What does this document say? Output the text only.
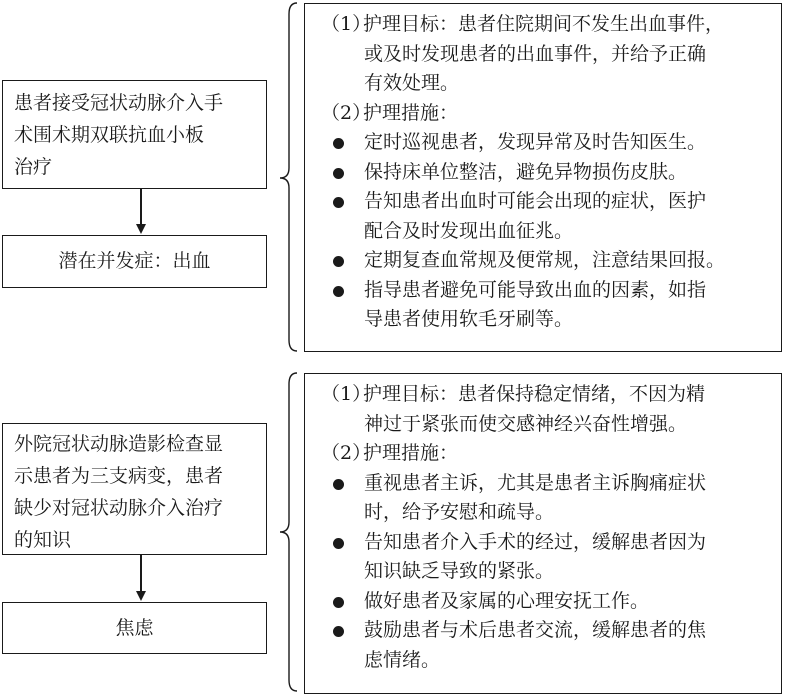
患者接受冠状动脉介入手
术围术期双联抗血小板
治疗
潜在并发症：出血
（1）护理目标：患者住院期间不发生出血事件，
或及时发现患者的出血事件，并给予正确
有效处理。
（2）护理措施：
定时巡视患者，发现异常及时告知医生。
保持床单位整洁，避免异物损伤皮肤。
告知患者出血时可能会出现的症状，医护
配合及时发现出血征兆。
定期复查血常规及便常规，注意结果回报。
指导患者避免可能导致出血的因素，如指
导患者使用软毛牙刷等。
外院冠状动脉造影检查显
示患者为三支病变，患者
缺少对冠状动脉介入治疗
的知识
焦虑
（1）护理目标：患者保持稳定情绪，不因为精
神过于紧张而使交感神经兴奋性增强。
（2）护理措施：
重视患者主诉，尤其是患者主诉胸痛症状
时，给予安慰和疏导。
告知患者介入手术的经过，缓解患者因为
知识缺乏导致的紧张。
做好患者及家属的心理安抚工作。
鼓励患者与术后患者交流，缓解患者的焦
虑情绪。
